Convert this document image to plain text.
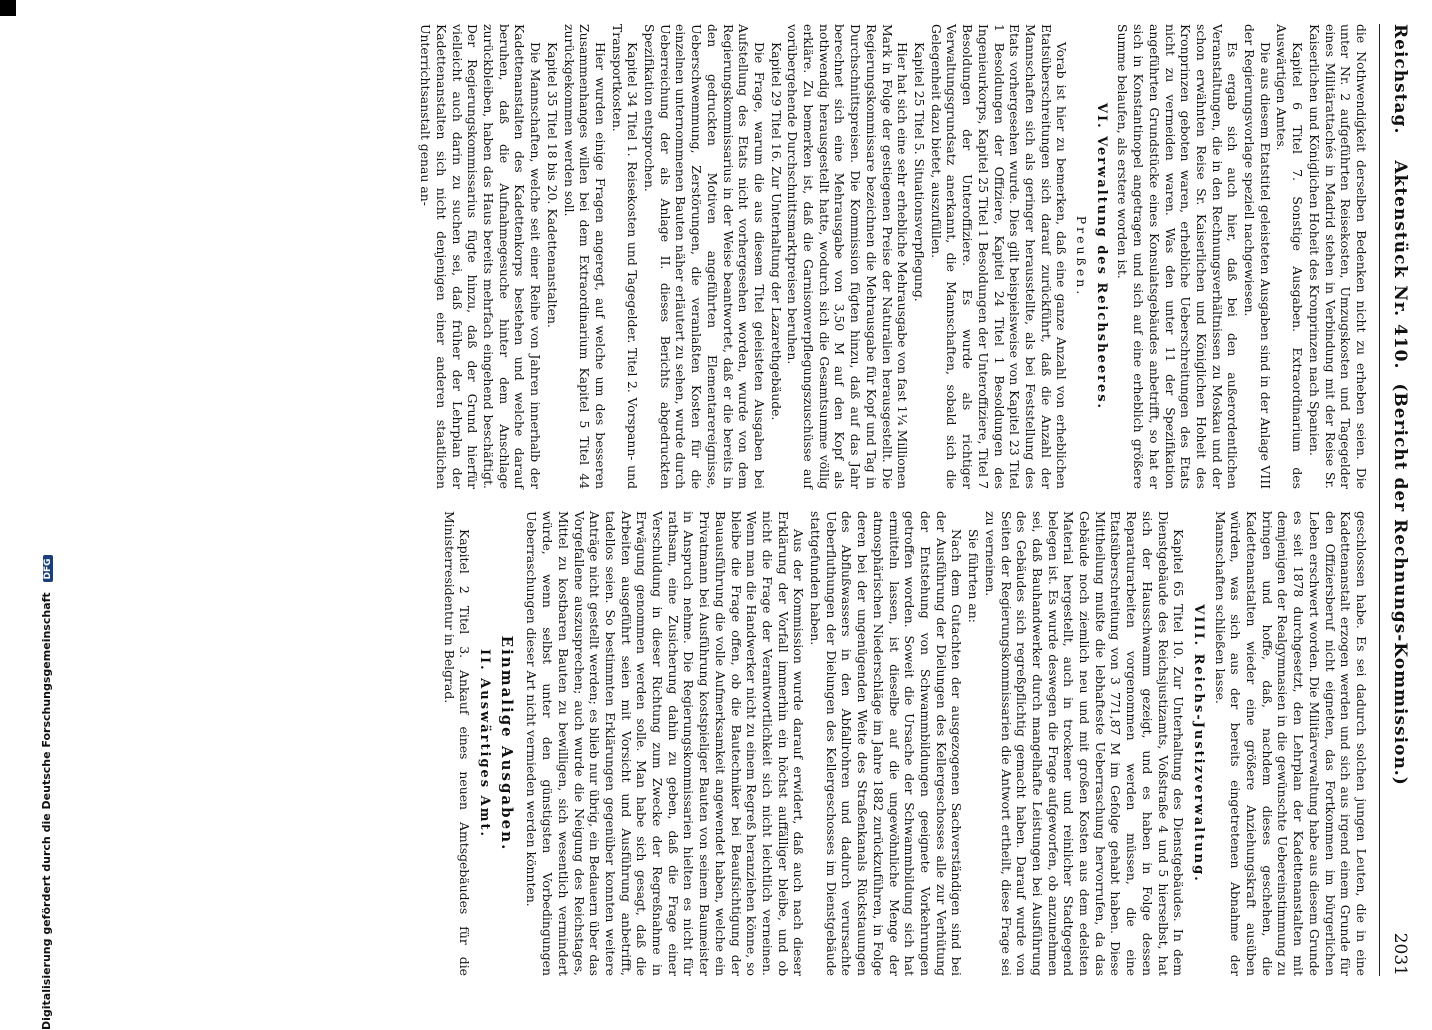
Reichstag.
Aktenstück Nr. 410.
(Bericht der Rechnungs-Kommission.)
2031

die Nothwendigkeit derselben Bedenken nicht zu erheben seien. Die unter Nr. 2 aufgeführten Reisekosten, Umzugskosten und Tagegelder eines Militärattachés in Madrid stehen in Verbindung mit der Reise Sr. Kaiserlichen und Königlichen Hoheit des Kronprinzen nach Spanien.

Kapitel 6 Titel 7. Sonstige Ausgaben. Extraordinarium des Auswärtigen Amtes.

Die aus diesem Etatstitel geleisteten Ausgaben sind in der Anlage VIII der Regierungsvorlage speziell nachgewiesen.

Es ergab sich auch hier, daß bei den außerordentlichen Veranstaltungen, die in den Rechnungsverhältnissen zu Moskau und der schon erwähnten Reise Sr. Kaiserlichen und Königlichen Hoheit des Kronprinzen geboten waren, erhebliche Ueberschreitungen des Etats nicht zu vermeiden waren. Was den unter 11 der Spezifikation angeführten Grundstücke eines Konsulatsgebäudes anbetrifft, so hat er sich in Konstantinopel angetragen und sich auf eine erheblich größere Summe belaufen, als erstere worden ist.

VI. Verwaltung des Reichsheeres.
Preußen.

Vorab ist hier zu bemerken, daß eine ganze Anzahl von erheblichen Etatsüberschreitungen sich darauf zurückführt, daß die Anzahl der Mannschaften sich als geringer herausstellte, als bei Feststellung des Etats vorhergesehen wurde. Dies gilt beispielsweise von Kapitel 23 Titel 1 Besoldungen der Offiziere, Kapitel 24 Titel 1 Besoldungen des Ingenieurkorps, Kapitel 25 Titel 1 Besoldungen der Unteroffiziere, Titel 7 Besoldungen der Unteroffiziere. Es wurde als richtiger Verwaltungsgrundsatz anerkannt, die Mannschaften, sobald sich die Gelegenheit dazu bietet, auszufüllen.

Kapitel 25 Titel 5. Situationsverpflegung.

Hier hat sich eine sehr erhebliche Mehrausgabe von fast 1¼ Millionen Mark in Folge der gestiegenen Preise der Naturalien herausgestellt. Die Regierungskommissare bezeichnen die Mehrausgabe für Kopf und Tag in Durchschnittspreisen. Die Kommission fügten hinzu, daß auf das Jahr berechnet sich eine Mehrausgabe von 3,50 M auf den Kopf als nothwendig herausgestellt hatte, wodurch sich die Gesamtsumme völlig erkläre. Zu bemerken ist, daß die Garnisonverpflegungszuschüsse auf vorübergehende Durchschnittsmarktpreisen beruhen.

Kapitel 29 Titel 16. Zur Unterhaltung der Lazarethgebäude.

Die Frage, warum die aus diesem Titel geleisteten Ausgaben bei Aufstellung des Etats nicht vorhergesehen worden, wurde von dem Regierungskommissarius in der Weise beantwortet, daß er die bereits in den gedruckten Motiven angeführten Elementarereignisse, Ueberschwemmung, Zerstörungen, die veranlaßten Kosten für die einzelnen unternommenen Bauten näher erläutert zu sehen, wurde durch Ueberreichung der als Anlage II. dieses Berichts abgedruckten Spezifikation entsprochen.

Kapitel 34 Titel 1. Reisekosten und Tagegelder. Titel 2. Vorspann- und Transportkosten.

Hier wurden einige Fragen angeregt, auf welche um des besseren Zusammenhanges willen bei dem Extraordinarium Kapitel 5 Titel 44 zurückgekommen werden soll.

Kapitel 35 Titel 18 bis 20. Kadettenanstalten.

Die Mannschaften, welche seit einer Reihe von Jahren innerhalb der Kadettenanstalten des Kadettenkorps bestehen und welche darauf beruhen, daß die Aufnahmegesuche hinter dem Anschlage zurückbleiben, haben das Haus bereits mehrfach eingehend beschäftigt. Der Regierungskommissarius fügte hinzu, daß der Grund hierfür vielleicht auch darin zu suchen sei, daß früher der Lehrplan der Kadettenanstalten sich nicht denjenigen einer anderen staatlichen Unterrichtsanstalt genau an-

geschlossen habe. Es sei dadurch solchen jungen Leuten, die in eine Kadettenanstalt erzogen werden und sich aus irgend einem Grunde für den Offiziersberuf nicht eigneten, das Fortkommen im bürgerlichen Leben erschwert worden. Die Militärverwaltung habe aus diesem Grunde es seit 1878 durchgesetzt, den Lehrplan der Kadettenanstalten mit demjenigen der Realgymnasien in die gewünschte Uebereinstimmung zu bringen und hoffe, daß, nachdem dieses geschehen, die Kadettenanstalten wieder eine größere Anziehungskraft ausüben würden, was sich aus der bereits eingetretenen Abnahme der Mannschaften schließen lasse.

VIII. Reichs-Justizverwaltung.

Kapitel 65 Titel 10. Zur Unterhaltung des Dienstgebäudes. In dem Dienstgebäude des Reichsjustizamts, Voßstraße 4 und 5 hierselbst, hat sich der Hausschwamm gezeigt, und es haben in Folge dessen Reparaturarbeiten vorgenommen werden müssen, die eine Etatsüberschreitung von 3 771,87 M im Gefolge gehabt haben. Diese Mittheilung mußte die lebhafteste Ueberraschung hervorrufen, da das Gebäude noch ziemlich neu und mit großen Kosten aus dem edelsten Material hergestellt, auch in trockener und reinlicher Stadtgegend belegen ist. Es wurde deswegen die Frage aufgeworfen, ob anzunehmen sei, daß Bauhandwerker durch mangelhafte Leistungen bei Ausführung des Gebäudes sich regreßpflichtig gemacht haben. Darauf wurde von Seiten der Regierungskommissarien die Antwort ertheilt, diese Frage sei zu verneinen.

Sie führten an:

Nach dem Gutachten der ausgezogenen Sachverständigen sind bei der Ausführung der Dielungen des Kellergeschosses alle zur Verhütung der Entstehung von Schwammbildungen geeignete Vorkehrungen getroffen worden. Soweit die Ursache der Schwammbildung sich hat ermitteln lassen, ist dieselbe auf die ungewöhnliche Menge der atmosphärischen Niederschläge im Jahre 1882 zurückzuführen, in Folge deren bei der ungenügenden Weite des Straßenkanals Rückstauungen des Abflußwassers in den Abfallrohren und dadurch verursachte Ueberfluthungen der Dielungen des Kellergeschosses im Dienstgebäude stattgefunden haben.

Aus der Kommission wurde darauf erwidert, daß auch nach dieser Erklärung der Vorfall immerhin ein höchst auffälliger bleibe, und ob nicht die Frage der Verantwortlichkeit sich nicht leichtlich verneinen. Wenn man die Handwerker nicht zu einem Regreß heranziehen könne, so bleibe die Frage offen, ob die Bautechniker bei Beaufsichtigung der Bauausführung die volle Aufmerksamkeit angewendet haben, welche ein Privatmann bei Ausführung kostspieliger Bauten von seinem Baumeister in Anspruch nehme. Die Regierungskommissarien hielten es nicht für rathsam, eine Zusicherung dahin zu geben, daß die Frage einer Verschuldung in dieser Richtung zum Zwecke der Regreßnahme in Erwägung genommen werden solle. Man habe sich gesagt, daß die Arbeiten ausgeführt seien mit Vorsicht und Ausführung anbetrifft, tadellos seien. So bestimmten Erklärungen gegenüber konnten weitere Anträge nicht gestellt werden; es blieb nur übrig, ein Bedauern über das Vorgefallene auszusprechen; auch wurde die Neigung des Reichstages, Mittel zu kostbaren Bauten zu bewilligen, sich wesentlich vermindert würde, wenn selbst unter den günstigsten Vorbedingungen Ueberraschungen dieser Art nicht vermieden werden könnten.

Einmalige Ausgaben.
II. Auswärtiges Amt.

Kapitel 2 Titel 3. Ankauf eines neuen Amtsgebäudes für die Ministerresidentur in Belgrad.

Digitalisierung gefördert durch die Deutsche Forschungsgemeinschaft DFG
